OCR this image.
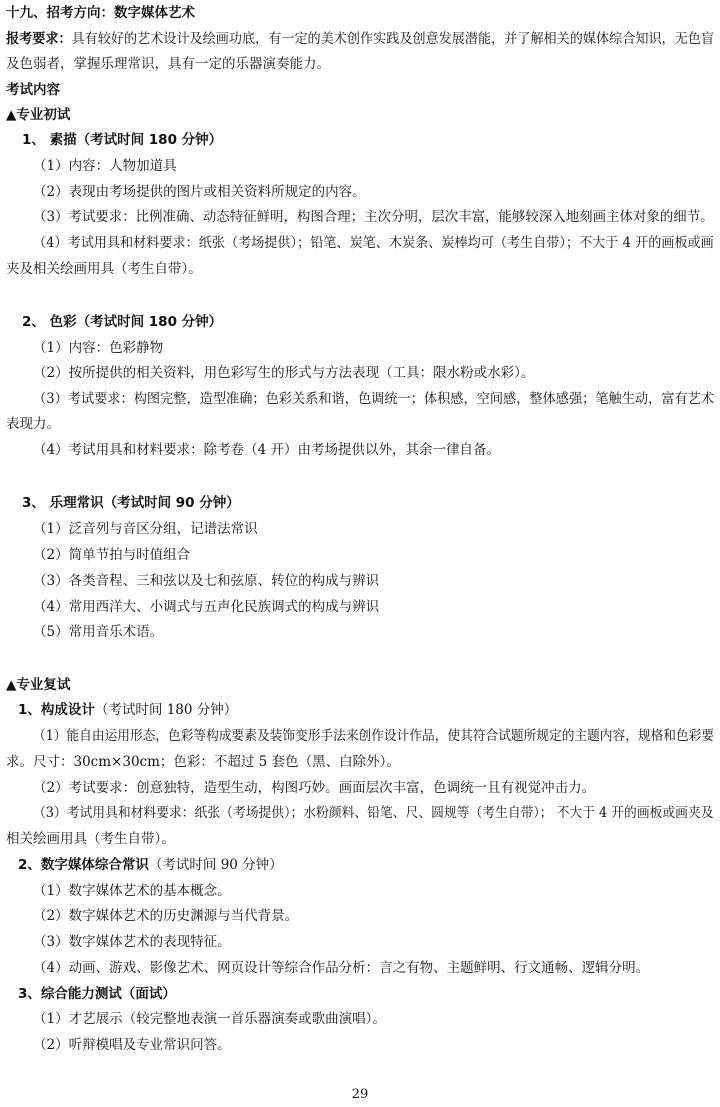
十九、招考方向：数字媒体艺术
报考要求：具有较好的艺术设计及绘画功底，有一定的美术创作实践及创意发展潜能，并了解相关的媒体综合知识，无色盲
及色弱者，掌握乐理常识，具有一定的乐器演奏能力。
考试内容
▲专业初试
1、 素描（考试时间 180 分钟）
（1）内容：人物加道具
（2）表现由考场提供的图片或相关资料所规定的内容。
（3）考试要求：比例准确、动态特征鲜明，构图合理；主次分明，层次丰富，能够较深入地刻画主体对象的细节。
（4）考试用具和材料要求：纸张（考场提供）；铅笔、炭笔、木炭条、炭棒均可（考生自带）；不大于 4 开的画板或画
夹及相关绘画用具（考生自带）。
2、 色彩（考试时间 180 分钟）
（1）内容：色彩静物
（2）按所提供的相关资料，用色彩写生的形式与方法表现（工具：限水粉或水彩）。
（3）考试要求：构图完整，造型准确；色彩关系和谐，色调统一；体积感，空间感，整体感强；笔触生动，富有艺术
表现力。
（4）考试用具和材料要求：除考卷（4 开）由考场提供以外，其余一律自备。
3、 乐理常识（考试时间 90 分钟）
（1）泛音列与音区分组，记谱法常识
（2）简单节拍与时值组合
（3）各类音程、三和弦以及七和弦原、转位的构成与辨识
（4）常用西洋大、小调式与五声化民族调式的构成与辨识
（5）常用音乐术语。
▲专业复试
1、构成设计（考试时间 180 分钟）
（1）能自由运用形态，色彩等构成要素及装饰变形手法来创作设计作品，使其符合试题所规定的主题内容，规格和色彩要
求。尺寸：30cm×30cm；色彩：不超过 5 套色（黑、白除外）。
（2）考试要求：创意独特，造型生动，构图巧妙。画面层次丰富，色调统一且有视觉冲击力。
（3）考试用具和材料要求：纸张（考场提供）；水粉颜料、铅笔、尺、圆规等（考生自带）； 不大于 4 开的画板或画夹及
相关绘画用具（考生自带）。
2、数字媒体综合常识（考试时间 90 分钟）
（1）数字媒体艺术的基本概念。
（2）数字媒体艺术的历史渊源与当代背景。
（3）数字媒体艺术的表现特征。
（4）动画、游戏、影像艺术、网页设计等综合作品分析：言之有物、主题鲜明、行文通畅、逻辑分明。
3、综合能力测试（面试）
（1）才艺展示（较完整地表演一首乐器演奏或歌曲演唱）。
（2）听辩模唱及专业常识问答。
29
